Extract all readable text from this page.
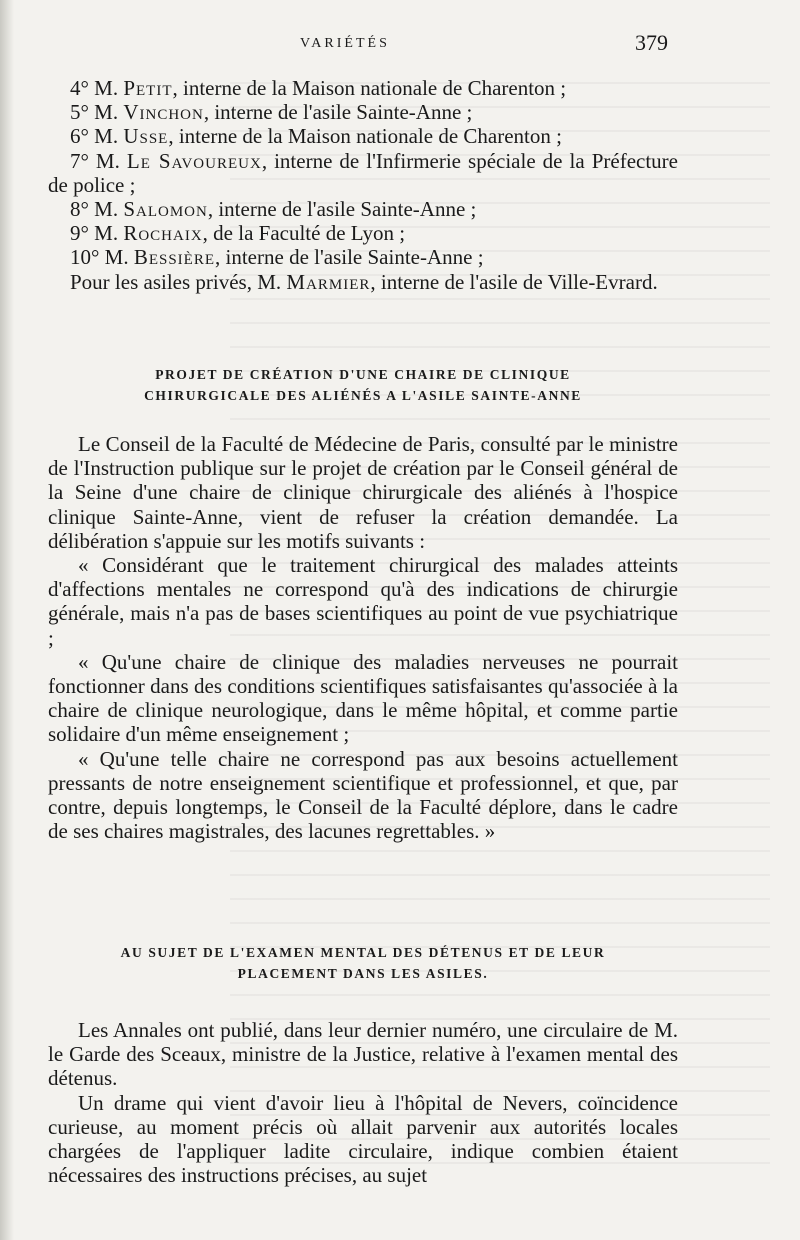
VARIÉTÉS	379
4° M. Petit, interne de la Maison nationale de Charenton ;
5° M. Vinchon, interne de l'asile Sainte-Anne ;
6° M. Usse, interne de la Maison nationale de Charenton ;
7° M. Le Savoureux, interne de l'Infirmerie spéciale de la Préfecture de police ;
8° M. Salomon, interne de l'asile Sainte-Anne ;
9° M. Rochaix, de la Faculté de Lyon ;
10° M. Bessière, interne de l'asile Sainte-Anne ;
Pour les asiles privés, M. Marmier, interne de l'asile de Ville-Evrard.
PROJET DE CRÉATION D'UNE CHAIRE DE CLINIQUE
CHIRURGICALE DES ALIÉNÉS A L'ASILE SAINTE-ANNE

Le Conseil de la Faculté de Médecine de Paris, consulté par le ministre de l'Instruction publique sur le projet de création par le Conseil général de la Seine d'une chaire de clinique chirurgicale des aliénés à l'hospice clinique Sainte-Anne, vient de refuser la création demandée. La délibération s'appuie sur les motifs suivants :

« Considérant que le traitement chirurgical des malades atteints d'affections mentales ne correspond qu'à des indications de chirurgie générale, mais n'a pas de bases scientifiques au point de vue psychiatrique ;

« Qu'une chaire de clinique des maladies nerveuses ne pourrait fonctionner dans des conditions scientifiques satisfaisantes qu'associée à la chaire de clinique neurologique, dans le même hôpital, et comme partie solidaire d'un même enseignement ;

« Qu'une telle chaire ne correspond pas aux besoins actuellement pressants de notre enseignement scientifique et professionnel, et que, par contre, depuis longtemps, le Conseil de la Faculté déplore, dans le cadre de ses chaires magistrales, des lacunes regrettables. »

AU SUJET DE L'EXAMEN MENTAL DES DÉTENUS ET DE LEUR
PLACEMENT DANS LES ASILES.

Les Annales ont publié, dans leur dernier numéro, une circulaire de M. le Garde des Sceaux, ministre de la Justice, relative à l'examen mental des détenus.

Un drame qui vient d'avoir lieu à l'hôpital de Nevers, coïncidence curieuse, au moment précis où allait parvenir aux autorités locales chargées de l'appliquer ladite circulaire, indique combien étaient nécessaires des instructions précises, au sujet
